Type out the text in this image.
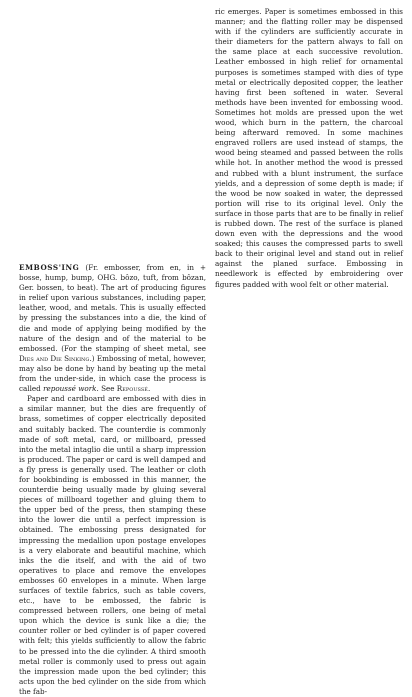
ric emerges. Paper is sometimes embossed in this manner; and the flatting roller may be dispensed with if the cylinders are sufficiently accurate in their diameters for the pattern always to fall on the same place at each successive revolution. Leather embossed in high relief for ornamental purposes is sometimes stamped with dies of type metal or electrically deposited copper, the leather having first been softened in water. Several methods have been invented for embossing wood. Sometimes hot molds are pressed upon the wet wood, which burn in the pattern, the charcoal being afterward removed. In some machines engraved rollers are used instead of stamps, the wood being steamed and passed between the rolls while hot. In another method the wood is pressed and rubbed with a blunt instrument, the surface yields, and a depression of some depth is made; if the wood be now soaked in water, the depressed portion will rise to its original level. Only the surface in those parts that are to be finally in relief is rubbed down. The rest of the surface is planed down even with the depressions and the wood soaked; this causes the compressed parts to swell back to their original level and stand out in relief against the planed surface. Embossing in needlework is effected by embroidering over figures padded with wool felt or other material.

EMBOSS'ING (Fr. embosser, from en, in + bosse, hump, bump, OHG. bôzo, tuft, from bôzan, Ger. bossen, to beat). The art of producing figures in relief upon various substances, including paper, leather, wood, and metals. This is usually effected by pressing the substances into a die, the kind of die and mode of applying being modified by the nature of the design and of the material to be embossed. (For the stamping of sheet metal, see Dies and Die Sinking.) Embossing of metal, however, may also be done by hand by beating up the metal from the under-side, in which case the process is called repoussé work. See Repoussé.

Paper and cardboard are embossed with dies in a similar manner, but the dies are frequently of brass, sometimes of copper electrically deposited and suitably backed. The counterdie is commonly made of soft metal, card, or millboard, pressed into the metal intaglio die until a sharp impression is produced. The paper or card is well damped and a fly press is generally used. The leather or cloth for bookbinding is embossed in this manner, the counterdie being usually made by gluing several pieces of millboard together and gluing them to the upper bed of the press, then stamping these into the lower die until a perfect impression is obtained. The embossing press designated for impressing the medallion upon postage envelopes is a very elaborate and beautiful machine, which inks the die itself, and with the aid of two operatives to place and remove the envelopes embosses 60 envelopes in a minute. When large surfaces of textile fabrics, such as table covers, etc., have to be embossed, the fabric is compressed between rollers, one being of metal upon which the device is sunk like a die; the counter roller or bed cylinder is of paper covered with felt; this yields sufficiently to allow the fabric to be pressed into the die cylinder. A third smooth metal roller is commonly used to press out again the impression made upon the bed cylinder; this acts upon the bed cylinder on the side from which the fab-
